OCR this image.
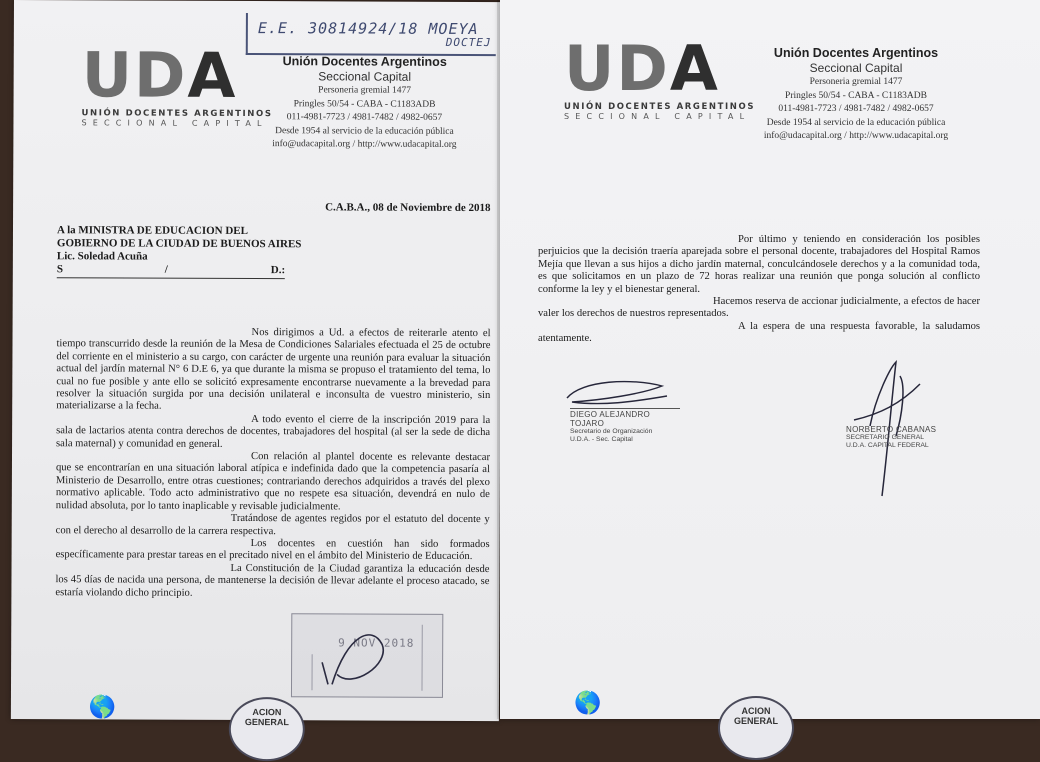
E.E. 30814924/18 MOEYA
DOCTEJ
UDA
UNIÓN DOCENTES ARGENTINOS
SECCIONAL CAPITAL
Unión Docentes Argentinos
Seccional Capital
Personeria gremial 1477
Pringles 50/54 - CABA - C1183ADB
011-4981-7723 / 4981-7482 / 4982-0657
Desde 1954 al servicio de la educación pública
info@udacapital.org / http://www.udacapital.org
C.A.B.A., 08 de Noviembre de 2018
A la MINISTRA DE EDUCACION DEL
GOBIERNO DE LA CIUDAD DE BUENOS AIRES
Lic. Soledad Acuña
S	/	D.:

Nos dirigimos a Ud. a efectos de reiterarle atento el tiempo transcurrido desde la reunión de la Mesa de Condiciones Salariales efectuada el 25 de octubre del corriente en el ministerio a su cargo, con carácter de urgente una reunión para evaluar la situación actual del jardín maternal N° 6 D.E 6, ya que durante la misma se propuso el tratamiento del tema, lo cual no fue posible y ante ello se solicitó expresamente encontrarse nuevamente a la brevedad para resolver la situación surgida por una decisión unilateral e inconsulta de vuestro ministerio, sin materializarse a la fecha.

A todo evento el cierre de la inscripción 2019 para la sala de lactarios atenta contra derechos de docentes, trabajadores del hospital (al ser la sede de dicha sala maternal) y comunidad en general.

Con relación al plantel docente es relevante destacar que se encontrarían en una situación laboral atípica e indefinida dado que la competencia pasaría al Ministerio de Desarrollo, entre otras cuestiones; contrariando derechos adquiridos a través del plexo normativo aplicable. Todo acto administrativo que no respete esa situación, devendrá en nulo de nulidad absoluta, por lo tanto inaplicable y revisable judicialmente.

Tratándose de agentes regidos por el estatuto del docente y con el derecho al desarrollo de la carrera respectiva.

Los docentes en cuestión han sido formados específicamente para prestar tareas en el precitado nivel en el ámbito del Ministerio de Educación.

La Constitución de la Ciudad garantiza la educación desde los 45 días de nacida una persona, de mantenerse la decisión de llevar adelante el proceso atacado, se estaría violando dicho principio.

9 NOV 2018
🌎	ACION GENERAL
UDA
UNIÓN DOCENTES ARGENTINOS
SECCIONAL CAPITAL
Unión Docentes Argentinos
Seccional Capital
Personeria gremial 1477
Pringles 50/54 - CABA - C1183ADB
011-4981-7723 / 4981-7482 / 4982-0657
Desde 1954 al servicio de la educación pública
info@udacapital.org / http://www.udacapital.org

Por último y teniendo en consideración los posibles perjuicios que la decisión traería aparejada sobre el personal docente, trabajadores del Hospital Ramos Mejía que llevan a sus hijos a dicho jardín maternal, conculcándosele derechos y a la comunidad toda, es que solicitamos en un plazo de 72 horas realizar una reunión que ponga solución al conflicto conforme la ley y el bienestar general.

Hacemos reserva de accionar judicialmente, a efectos de hacer valer los derechos de nuestros representados.

A la espera de una respuesta favorable, la saludamos atentamente.

DIEGO ALEJANDRO TOJARO
Secretario de Organización
U.D.A. - Sec. Capital
NORBERTO CABANAS
SECRETARIO GENERAL
U.D.A. CAPITAL FEDERAL
🌎	ACION GENERAL
